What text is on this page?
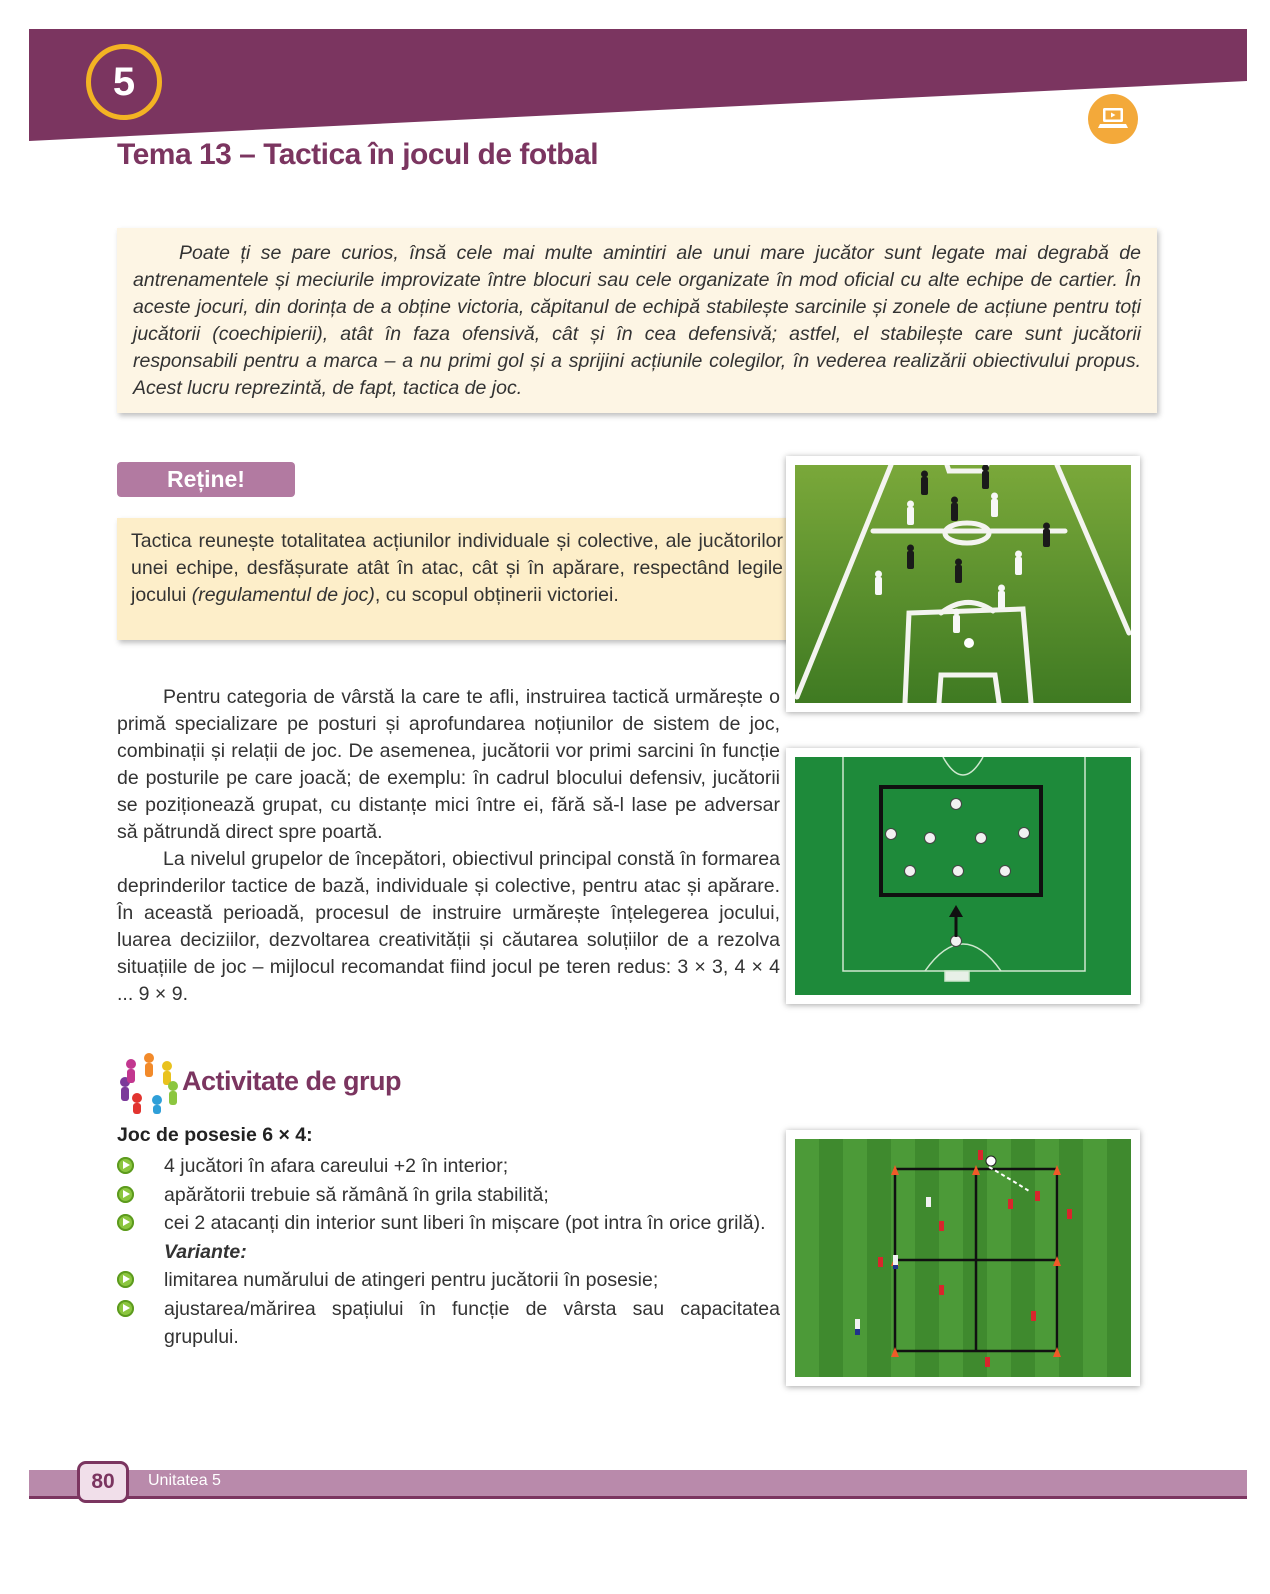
5
Tema 13 – Tactica în jocul de fotbal

Poate ți se pare curios, însă cele mai multe amintiri ale unui mare jucător sunt legate mai degrabă de antrenamentele și meciurile improvizate între blocuri sau cele organizate în mod oficial cu alte echipe de cartier. În aceste jocuri, din dorința de a obține victoria, căpitanul de echipă stabilește sarcinile și zonele de acțiune pentru toți jucătorii (coechipierii), atât în faza ofensivă, cât și în cea defensivă; astfel, el stabilește care sunt jucătorii responsabili pentru a marca – a nu primi gol și a sprijini acțiunile colegilor, în vederea realizării obiectivului propus. Acest lucru reprezintă, de fapt, tactica de joc.

Reține!

Tactica reunește totalitatea acțiunilor individuale și colective, ale jucătorilor unei echipe, desfășurate atât în atac, cât și în apărare, respectând legile jocului (regulamentul de joc), cu scopul obținerii victoriei.

Pentru categoria de vârstă la care te afli, instruirea tactică urmărește o primă specializare pe posturi și aprofundarea noțiunilor de sistem de joc, combinații și relații de joc. De asemenea, jucătorii vor primi sarcini în funcție de posturile pe care joacă; de exemplu: în cadrul blocului defensiv, jucătorii se poziționează grupat, cu distanțe mici între ei, fără să-l lase pe adversar să pătrundă direct spre poartă.

La nivelul grupelor de începători, obiectivul principal constă în formarea deprinderilor tactice de bază, individuale și colective, pentru atac și apărare. În această perioadă, procesul de instruire urmărește înțelegerea jocului, luarea deciziilor, dezvoltarea creativității și căutarea soluțiilor de a rezolva situațiile de joc – mijlocul recomandat fiind jocul pe teren redus: 3 × 3, 4 × 4 ... 9 × 9.

Activitate de grup

Joc de posesie 6 × 4:

4 jucători în afara careului +2 în interior;
apărătorii trebuie să rămână în grila stabilită;
cei 2 atacanți din interior sunt liberi în mișcare (pot intra în orice grilă).
Variante:
limitarea numărului de atingeri pentru jucătorii în posesie;
ajustarea/mărirea spațiului în funcție de vârsta sau capacitatea grupului.
80 Unitatea 5
